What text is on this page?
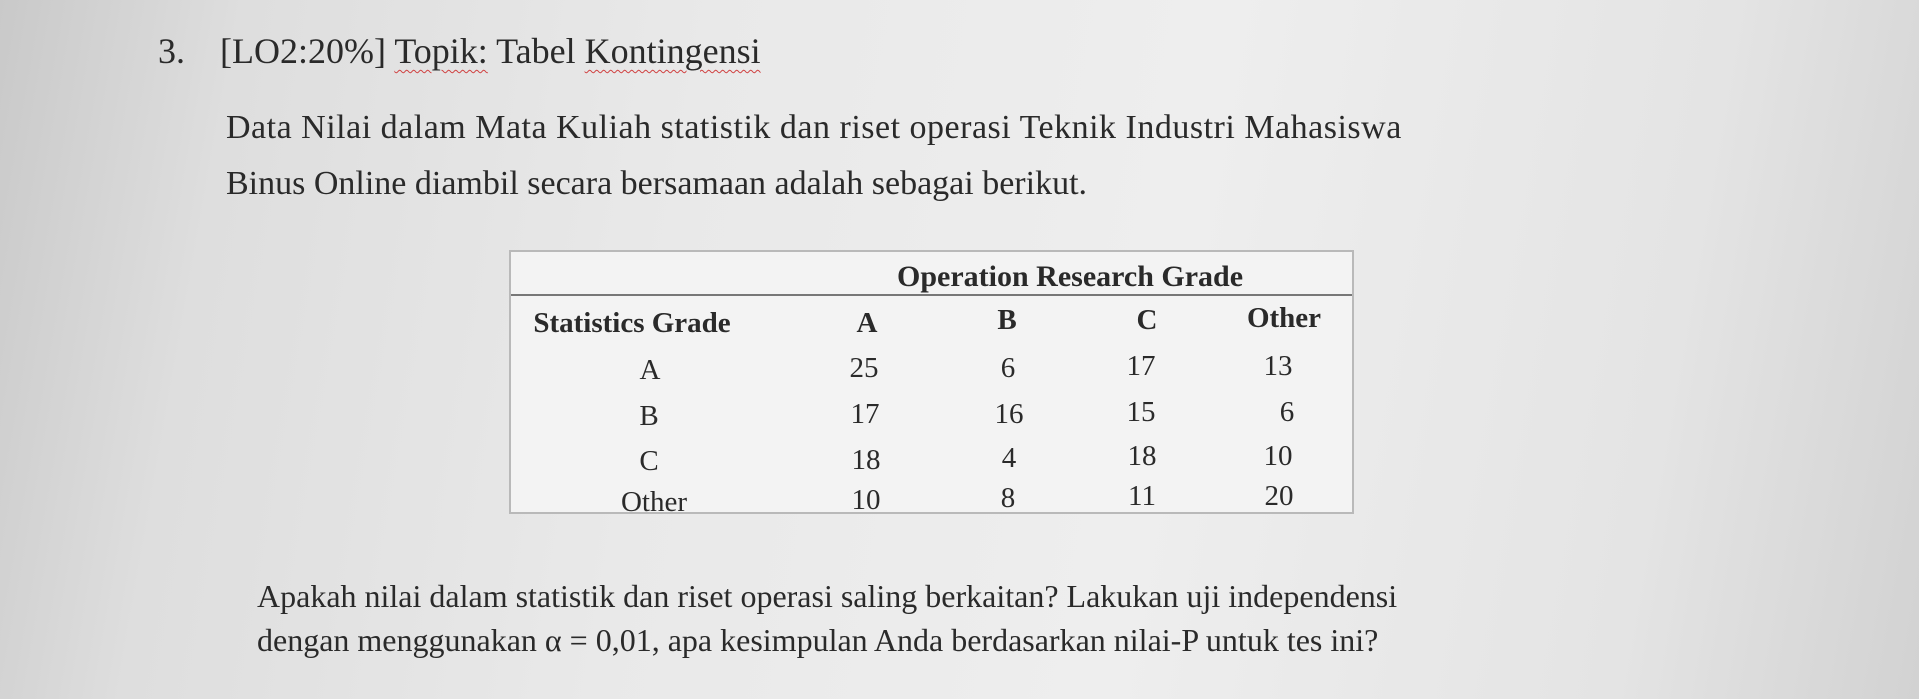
3. [LO2:20%] Topik: Tabel Kontingensi
Data Nilai dalam Mata Kuliah statistik dan riset operasi Teknik Industri Mahasiswa
Binus Online diambil secara bersamaan adalah sebagai berikut.
Operation Research Grade
Statistics Grade	A	B	C	Other
A	25	6	17	13
B	17	16	15	6
C	18	4	18	10
Other	10	8	11	20
Apakah nilai dalam statistik dan riset operasi saling berkaitan? Lakukan uji independensi
dengan menggunakan α = 0,01, apa kesimpulan Anda berdasarkan nilai-P untuk tes ini?
